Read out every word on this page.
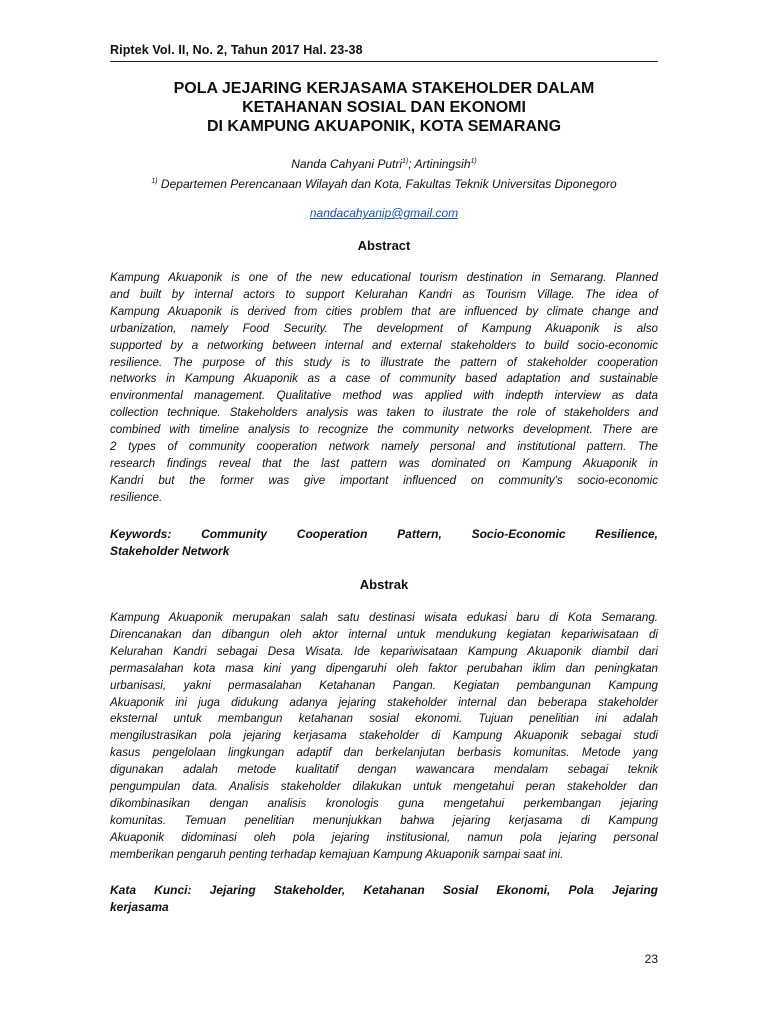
Riptek Vol. II, No. 2, Tahun 2017 Hal. 23-38
POLA JEJARING KERJASAMA STAKEHOLDER DALAM
KETAHANAN SOSIAL DAN EKONOMI
DI KAMPUNG AKUAPONIK, KOTA SEMARANG
Nanda Cahyani Putri$^{1)}$; Artiningsih$^{1)}$
$^{1)}$ Departemen Perencanaan Wilayah dan Kota, Fakultas Teknik Universitas Diponegoro
nandacahyanip@gmail.com
Abstract
Kampung Akuaponik is one of the new educational tourism destination in Semarang. Planned
and built by internal actors to support Kelurahan Kandri as Tourism Village. The idea of
Kampung Akuaponik is derived from cities problem that are influenced by climate change and
urbanization, namely Food Security. The development of Kampung Akuaponik is also
supported by a networking between internal and external stakeholders to build socio-economic
resilience. The purpose of this study is to illustrate the pattern of stakeholder cooperation
networks in Kampung Akuaponik as a case of community based adaptation and sustainable
environmental management. Qualitative method was applied with indepth interview as data
collection technique. Stakeholders analysis was taken to ilustrate the role of stakeholders and
combined with timeline analysis to recognize the community networks development. There are
2 types of community cooperation network namely personal and institutional pattern. The
research findings reveal that the last pattern was dominated on Kampung Akuaponik in
Kandri but the former was give important influenced on community's socio-economic
resilience.
Keywords: Community Cooperation Pattern, Socio-Economic Resilience,
Stakeholder Network
Abstrak
Kampung Akuaponik merupakan salah satu destinasi wisata edukasi baru di Kota Semarang.
Direncanakan dan dibangun oleh aktor internal untuk mendukung kegiatan kepariwisataan di
Kelurahan Kandri sebagai Desa Wisata. Ide kepariwisataan Kampung Akuaponik diambil dari
permasalahan kota masa kini yang dipengaruhi oleh faktor perubahan iklim dan peningkatan
urbanisasi, yakni permasalahan Ketahanan Pangan. Kegiatan pembangunan Kampung
Akuaponik ini juga didukung adanya jejaring stakeholder internal dan beberapa stakeholder
eksternal untuk membangun ketahanan sosial ekonomi. Tujuan penelitian ini adalah
mengilustrasikan pola jejaring kerjasama stakeholder di Kampung Akuaponik sebagai studi
kasus pengelolaan lingkungan adaptif dan berkelanjutan berbasis komunitas. Metode yang
digunakan adalah metode kualitatif dengan wawancara mendalam sebagai teknik
pengumpulan data. Analisis stakeholder dilakukan untuk mengetahui peran stakeholder dan
dikombinasikan dengan analisis kronologis guna mengetahui perkembangan jejaring
komunitas. Temuan penelitian menunjukkan bahwa jejaring kerjasama di Kampung
Akuaponik didominasi oleh pola jejaring institusional, namun pola jejaring personal
memberikan pengaruh penting terhadap kemajuan Kampung Akuaponik sampai saat ini.
Kata Kunci: Jejaring Stakeholder, Ketahanan Sosial Ekonomi, Pola Jejaring
kerjasama
23
